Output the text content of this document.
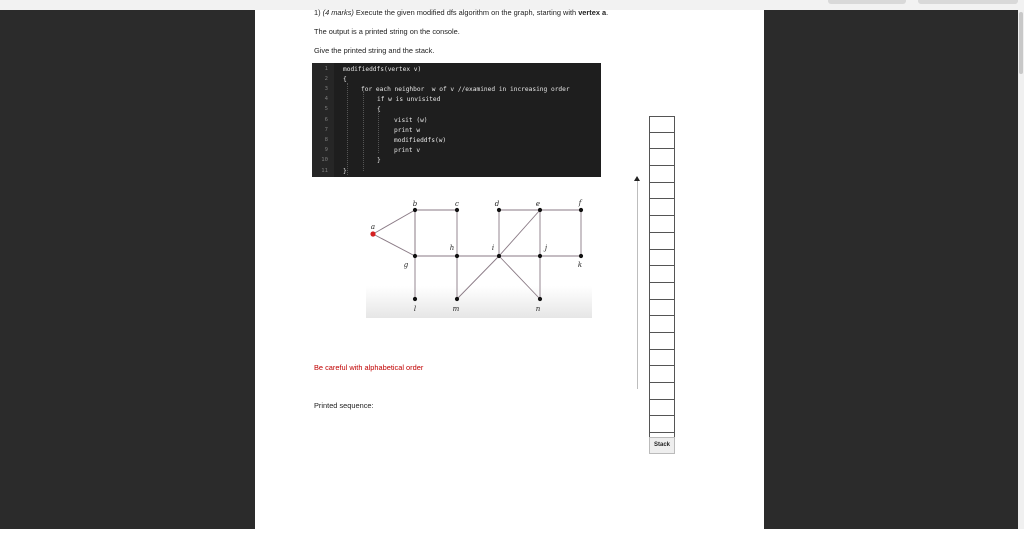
1) (4 marks) Execute the given modified dfs algorithm on the graph, starting with vertex a.
The output is a printed string on the console.
Give the printed string and the stack.
1
2
3
4
5
6
7
8
9
10
11
modifieddfs(vertex v)
{
for each neighbor  w of v //examined in increasing order
if w is unvisited
{
visit (w)
print w
modifieddfs(w)
print v
}
}
a
b	c	d	e	f
g
h	i	j
k
l	m	n
Be careful with alphabetical order
Printed sequence:
Stack
